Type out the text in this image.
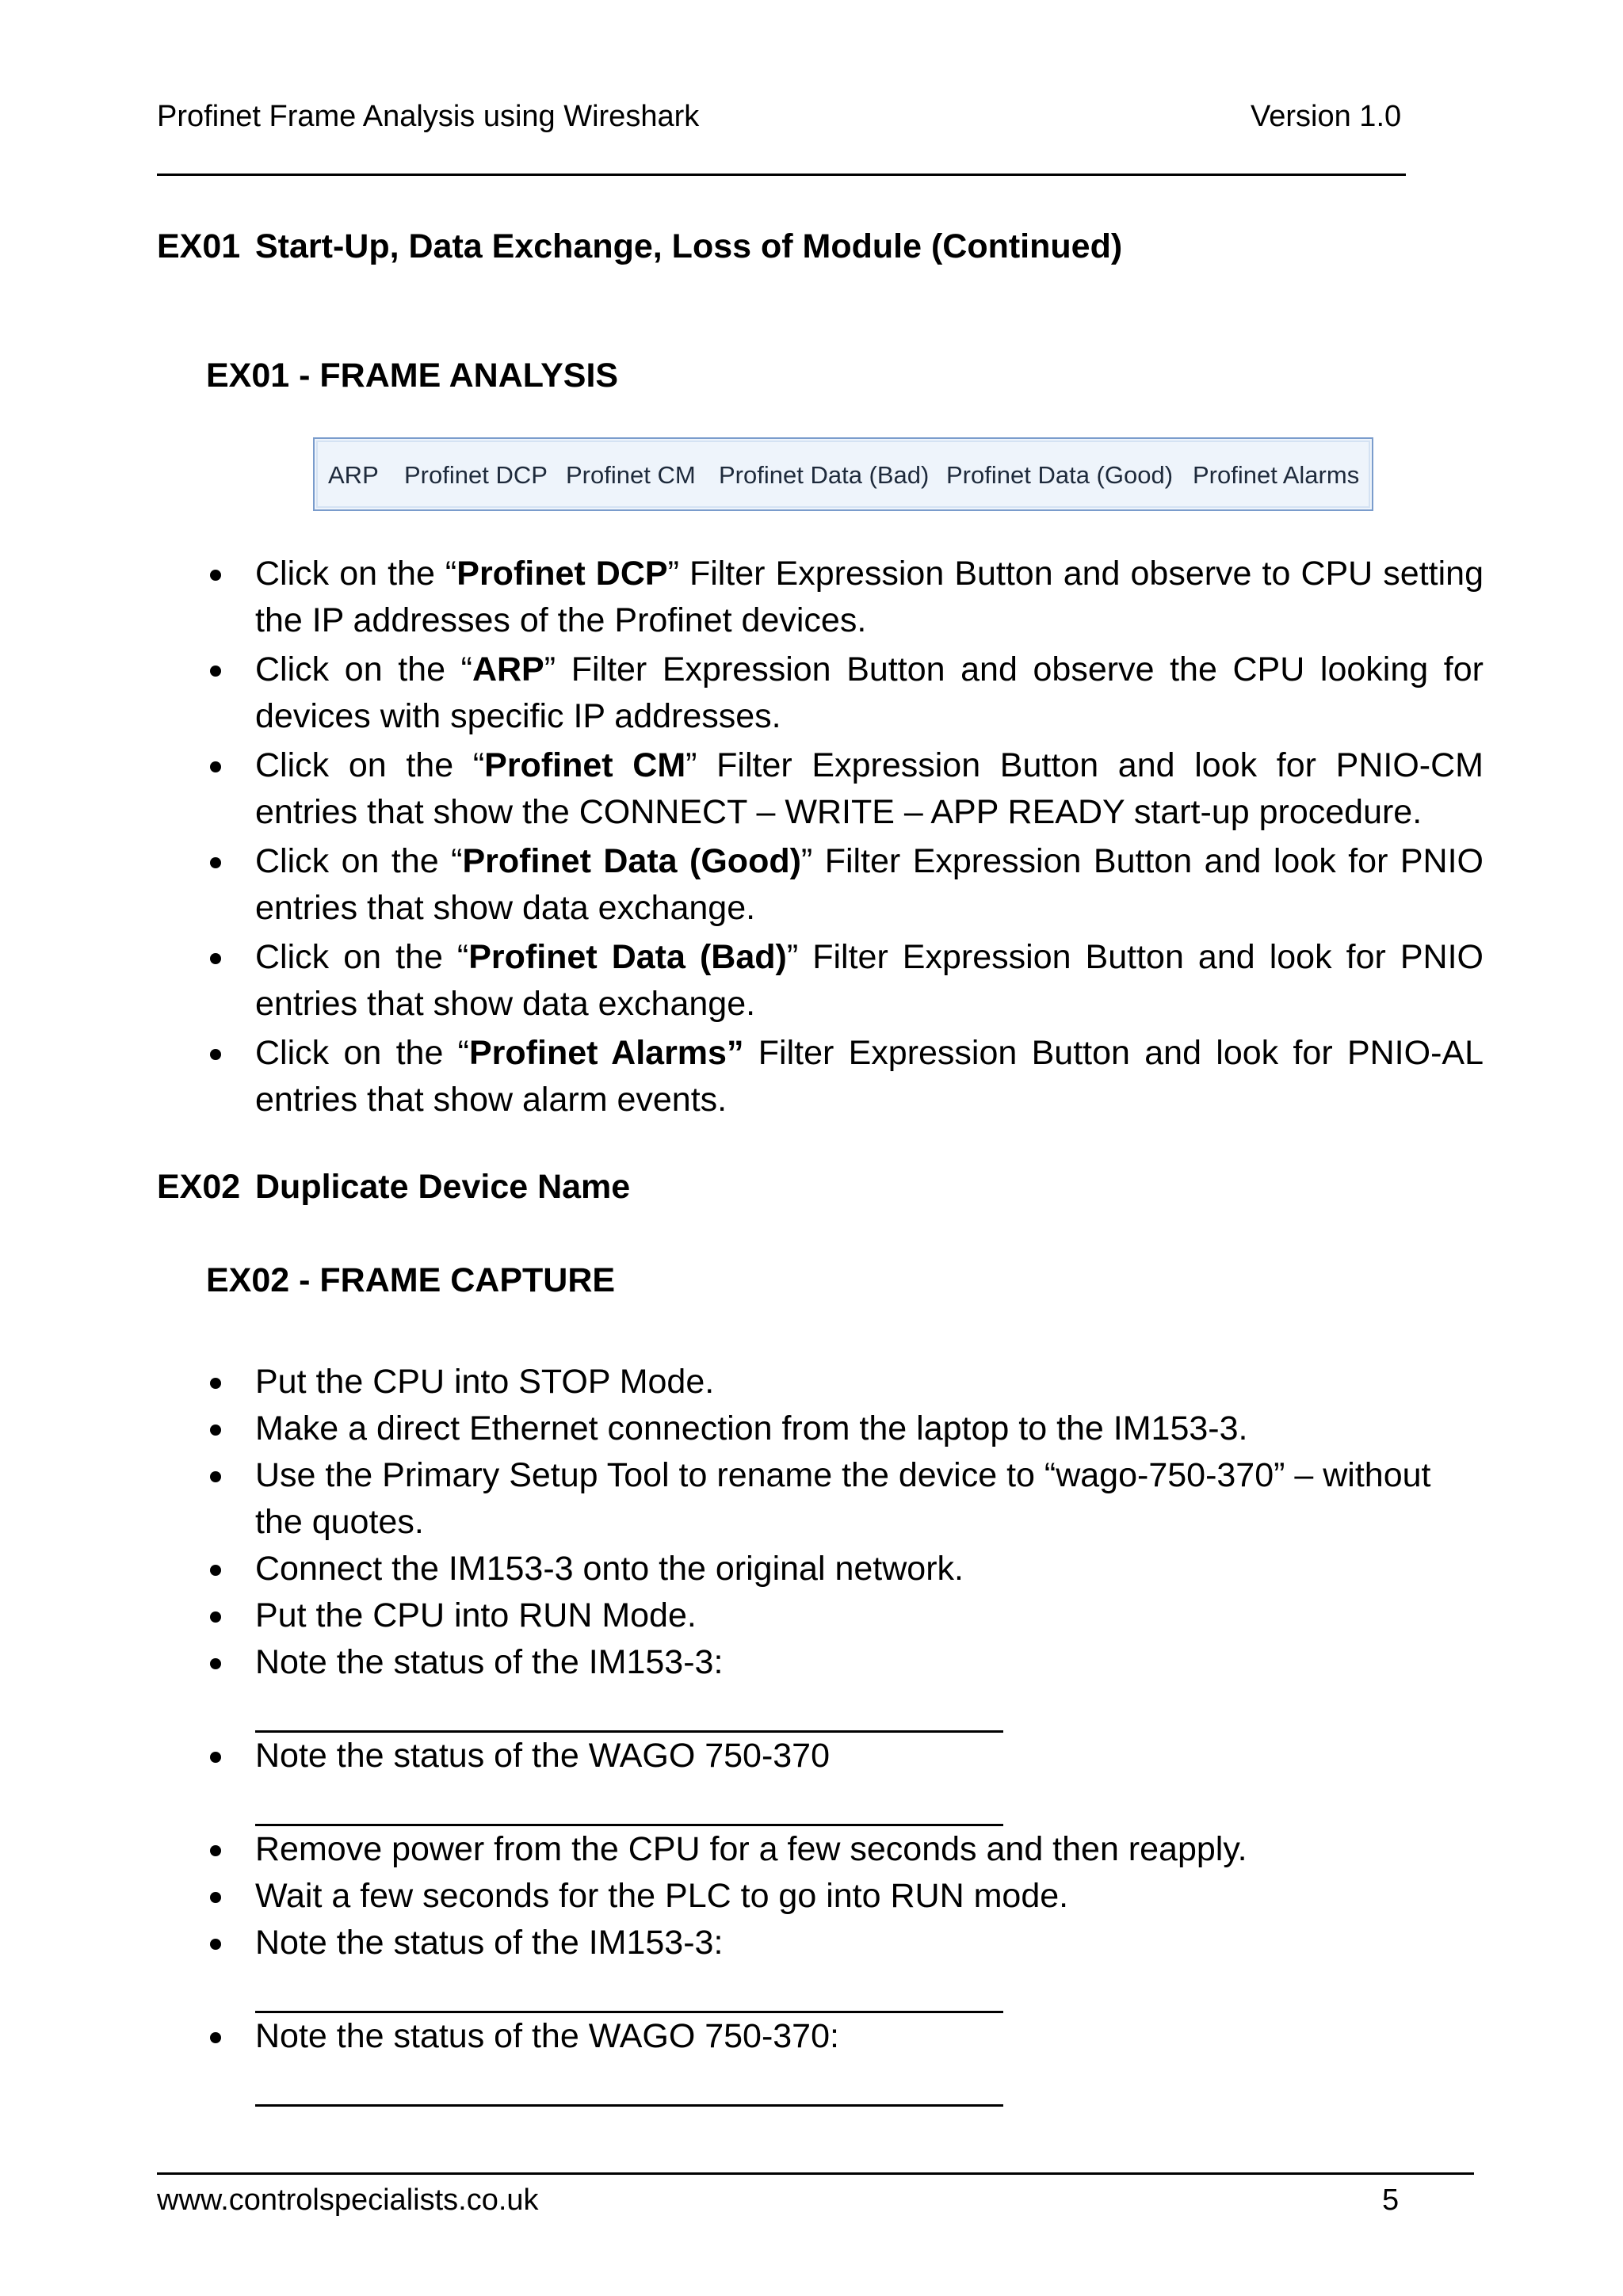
Profinet Frame Analysis using Wireshark	Version 1.0
EX01 Start-Up, Data Exchange, Loss of Module (Continued)
EX01 - FRAME ANALYSIS
ARP Profinet DCP Profinet CM Profinet Data (Bad) Profinet Data (Good) Profinet Alarms
Click on the “Profinet DCP” Filter Expression Button and observe to CPU setting the IP addresses of the Profinet devices.
Click on the “ARP” Filter Expression Button and observe the CPU looking for devices with specific IP addresses.
Click on the “Profinet CM” Filter Expression Button and look for PNIO-CM entries that show the CONNECT – WRITE – APP READY start-up procedure.
Click on the “Profinet Data (Good)” Filter Expression Button and look for PNIO entries that show data exchange.
Click on the “Profinet Data (Bad)” Filter Expression Button and look for PNIO entries that show data exchange.
Click on the “Profinet Alarms” Filter Expression Button and look for PNIO-AL entries that show alarm events.
EX02 Duplicate Device Name
EX02 - FRAME CAPTURE
Put the CPU into STOP Mode.
Make a direct Ethernet connection from the laptop to the IM153-3.
Use the Primary Setup Tool to rename the device to “wago-750-370” – without the quotes.
Connect the IM153-3 onto the original network.
Put the CPU into RUN Mode.
Note the status of the IM153-3:
Note the status of the WAGO 750-370
Remove power from the CPU for a few seconds and then reapply.
Wait a few seconds for the PLC to go into RUN mode.
Note the status of the IM153-3:
Note the status of the WAGO 750-370:
www.controlspecialists.co.uk	5
